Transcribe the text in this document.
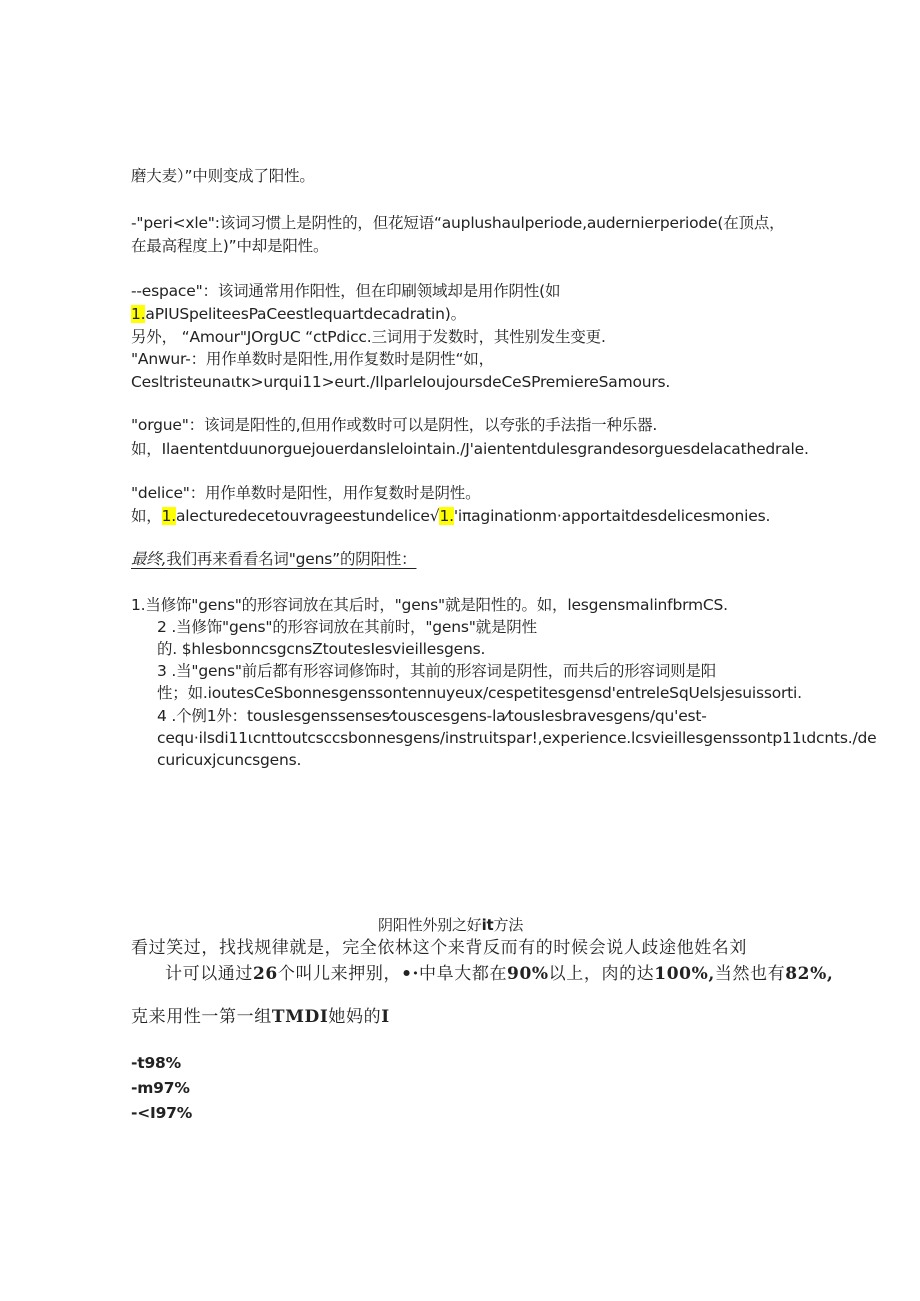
磨大麦）”中则变成了阳性。
-"peri<xle":该词习惯上是阴性的，但花短语“auplushaulperiode,audernierperiode(在顶点，
在最高程度上)”中却是阳性。
--espace"：该词通常用作阳性，但在印刷领域却是用作阴性(如
1.aPIUSpeliteesPaCeestlequartdecadratin)。
另外， “Amour"JOrgUC “ctPdicc.三词用于发数时，其性别发生变更.
"Anwur-：用作单数时是阳性,用作复数时是阴性“如，
Cesltristeunaιtκ>urqui11>eurt./IlparleIoujoursdeCeSPremiereSamours.
"orgue"：该词是阳性的,但用作或数时可以是阴性，以夸张的手法指一种乐器.
如，Ilaententduunorguejouerdanslelointain./J'aiententdulesgrandesorguesdelacathedrale.
"delice"：用作单数时是阳性，用作复数时是阴性。
如，1.alecturedecetouvrageestundelice√1.'iπaginationm·apportaitdesdelicesmonies.
最终,我们再来看看名词"gens”的阴阳性：
1.当修饰"gens"的形容词放在其后时，"gens"就是阳性的。如，lesgensmalinfbrmCS.
2 .当修饰"gens"的形容词放在其前时，"gens"就是阴性
的. $hlesbonncsgcnsZtoutesIesvieillesgens.
3 .当"gens"前后都有形容词修饰时，其前的形容词是阴性，而共后的形容词则是阳
性；如.ioutesCeSbonnesgenssontennuyeux/cespetitesgensd'entreleSqUelsjesuissorti.
4 .个例1外：tousIesgenssenses⁄touscesgens-la⁄tousIesbravesgens/qu'est-
cequ·ilsdi11ιcnttoutcsccsbonnesgens/instrιιitspar!,experience.lcsvieillesgenssontp11ιdcnts./de
curicuxjcuncsgens.
阴阳性外别之好it方法
看过笑过，找找规律就是，完全依林这个来背反而有的时候会说人歧途他姓名刘
计可以通过26个叫儿来押别，•·中阜大都在90%以上，肉的达100%,当然也有82%,
克来用性一第一组TMDI她妈的I
-t98%
-m97%
-<I97%
